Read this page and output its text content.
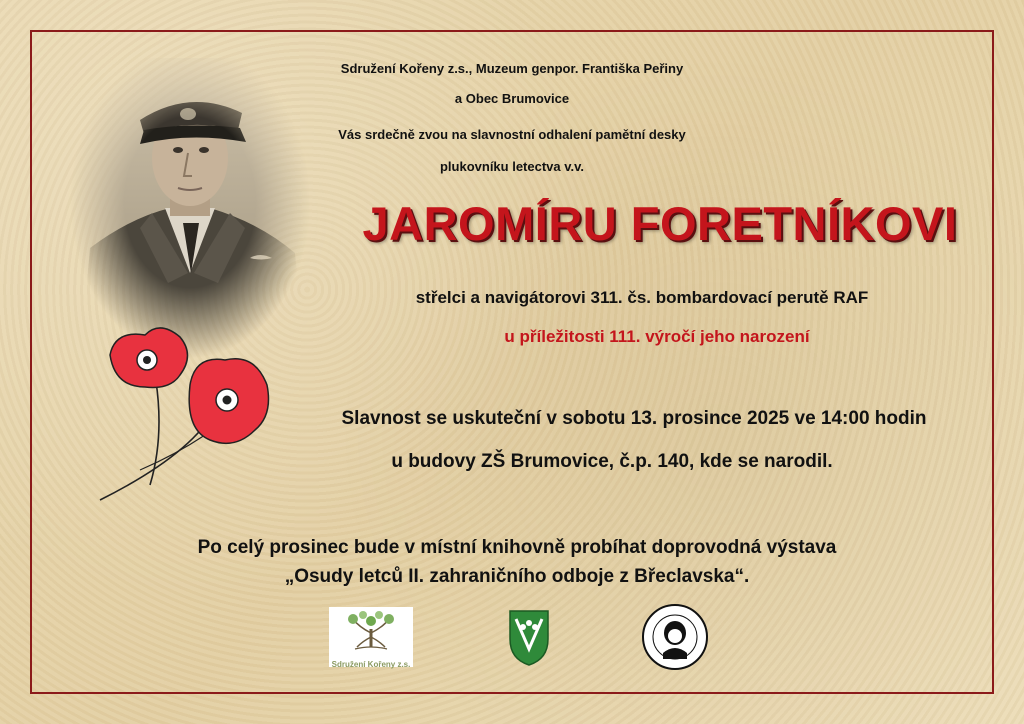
Sdružení Kořeny z.s., Muzeum genpor. Františka Peřiny
a Obec Brumovice
Vás srdečně zvou na slavnostní odhalení pamětní desky
plukovníku letectva v.v.
JAROMÍRU FORETNÍKOVI
střelci a navigátorovi 311. čs. bombardovací perutě RAF
u příležitosti 111. výročí jeho narození
Slavnost se uskuteční v sobotu 13. prosince 2025 ve 14:00 hodin
u budovy ZŠ Brumovice, č.p. 140, kde se narodil.
Po celý prosinec bude v místní knihovně probíhat doprovodná výstava
„Osudy letců II. zahraničního odboje z Břeclavska“.
Sdružení Kořeny z.s.
